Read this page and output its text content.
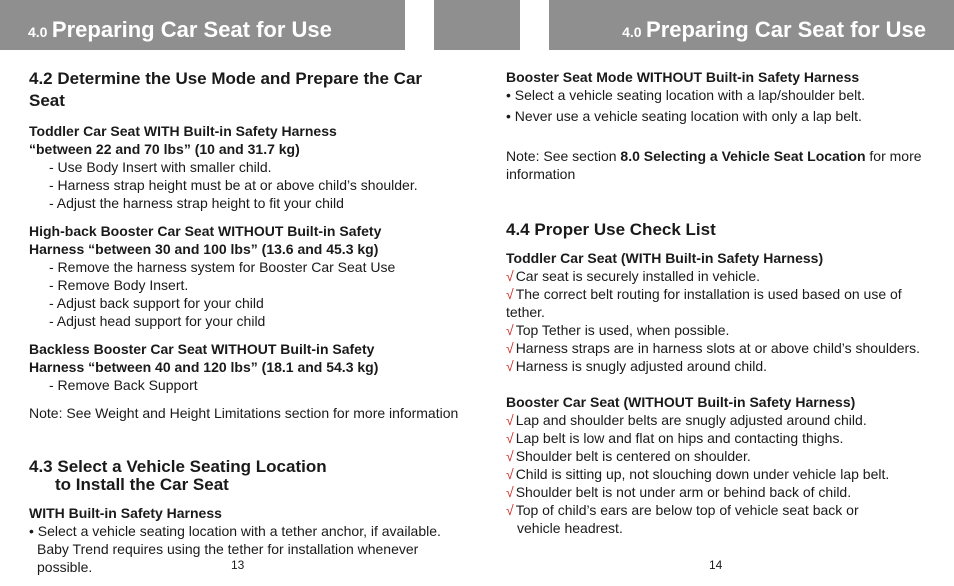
4.0 Preparing Car Seat for Use	4.0 Preparing Car Seat for Use

4.2 Determine the Use Mode and Prepare the Car Seat

Toddler Car Seat WITH Built-in Safety Harness

“between 22 and 70 lbs” (10 and 31.7 kg)

- Use Body Insert with smaller child.

- Harness strap height must be at or above child’s shoulder.

- Adjust the harness strap height to fit your child

High-back Booster Car Seat WITHOUT Built-in Safety

Harness “between 30 and 100 lbs” (13.6 and 45.3 kg)

- Remove the harness system for Booster Car Seat Use

- Remove Body Insert.

- Adjust back support for your child

- Adjust head support for your child

Backless Booster Car Seat WITHOUT Built-in Safety

Harness “between 40 and 120 lbs” (18.1 and 54.3 kg)

- Remove Back Support

Note: See Weight and Height Limitations section for more information

4.3 Select a Vehicle Seating Location

to Install the Car Seat

WITH Built-in Safety Harness

• Select a vehicle seating location with a tether anchor, if available. Baby Trend requires using the tether for installation whenever possible.

Booster Seat Mode WITHOUT Built-in Safety Harness

• Select a vehicle seating location with a lap/shoulder belt.

• Never use a vehicle seating location with only a lap belt.

Note: See section 8.0 Selecting a Vehicle Seat Location for more information

4.4 Proper Use Check List

Toddler Car Seat (WITH Built-in Safety Harness)

√ Car seat is securely installed in vehicle.

√ The correct belt routing for installation is used based on use of tether.

√ Top Tether is used, when possible.

√ Harness straps are in harness slots at or above child’s shoulders.

√ Harness is snugly adjusted around child.

Booster Car Seat (WITHOUT Built-in Safety Harness)

√ Lap and shoulder belts are snugly adjusted around child.

√ Lap belt is low and flat on hips and contacting thighs.

√ Shoulder belt is centered on shoulder.

√ Child is sitting up, not slouching down under vehicle lap belt.

√ Shoulder belt is not under arm or behind back of child.

√ Top of child’s ears are below top of vehicle seat back or

vehicle headrest.

13	14
